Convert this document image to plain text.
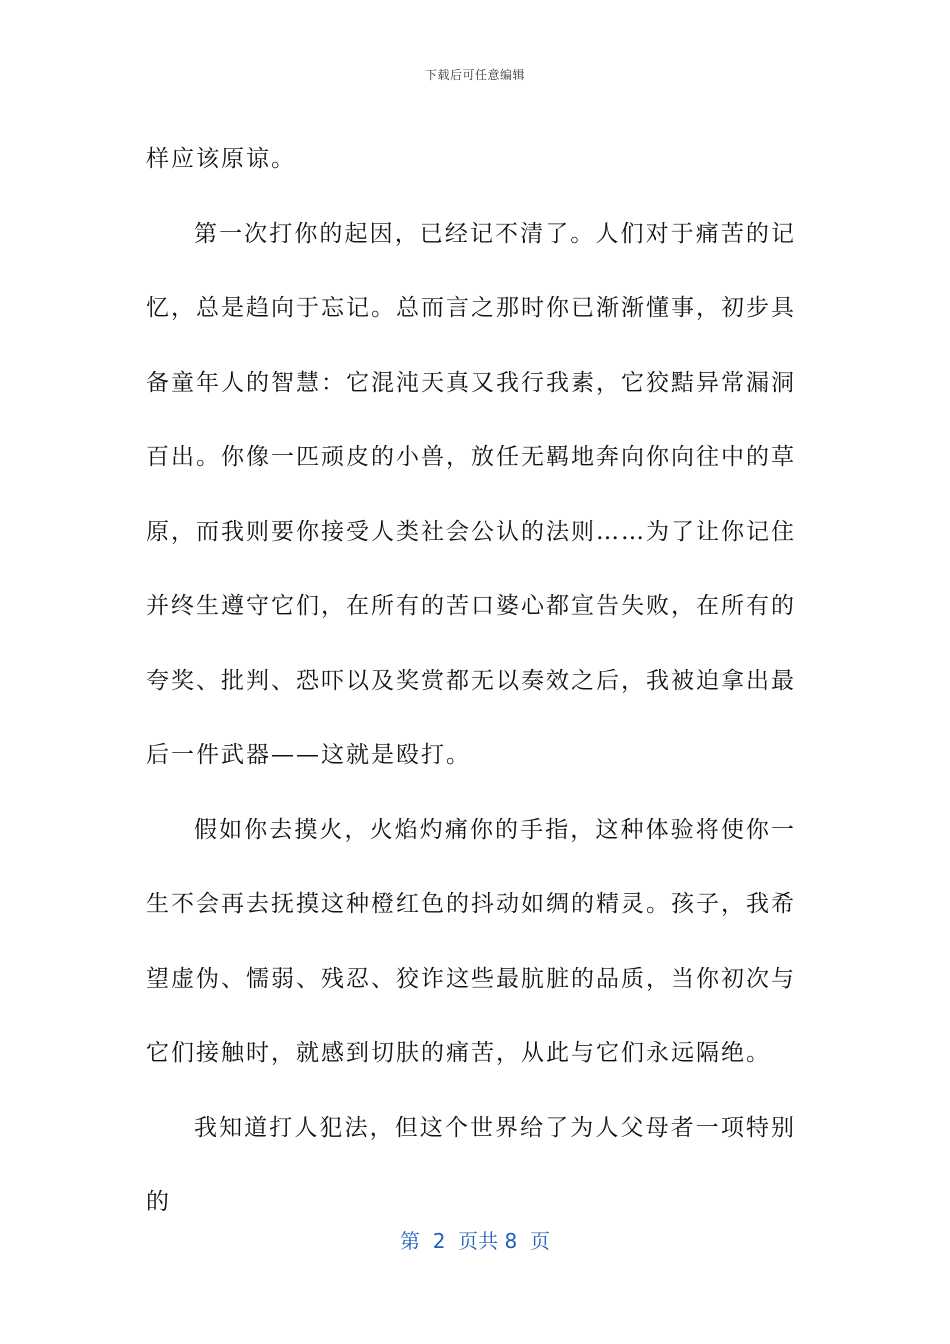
下载后可任意编辑

样应该原谅。

第一次打你的起因，已经记不清了。人们对于痛苦的记忆，总是趋向于忘记。总而言之那时你已渐渐懂事，初步具备童年人的智慧：它混沌天真又我行我素，它狡黠异常漏洞百出。你像一匹顽皮的小兽，放任无羁地奔向你向往中的草原，而我则要你接受人类社会公认的法则……为了让你记住并终生遵守它们，在所有的苦口婆心都宣告失败，在所有的夸奖、批判、恐吓以及奖赏都无以奏效之后，我被迫拿出最后一件武器——这就是殴打。

假如你去摸火，火焰灼痛你的手指，这种体验将使你一生不会再去抚摸这种橙红色的抖动如绸的精灵。孩子，我希望虚伪、懦弱、残忍、狡诈这些最肮脏的品质，当你初次与它们接触时，就感到切肤的痛苦，从此与它们永远隔绝。

我知道打人犯法，但这个世界给了为人父母者一项特别的

第  2  页共 8  页
